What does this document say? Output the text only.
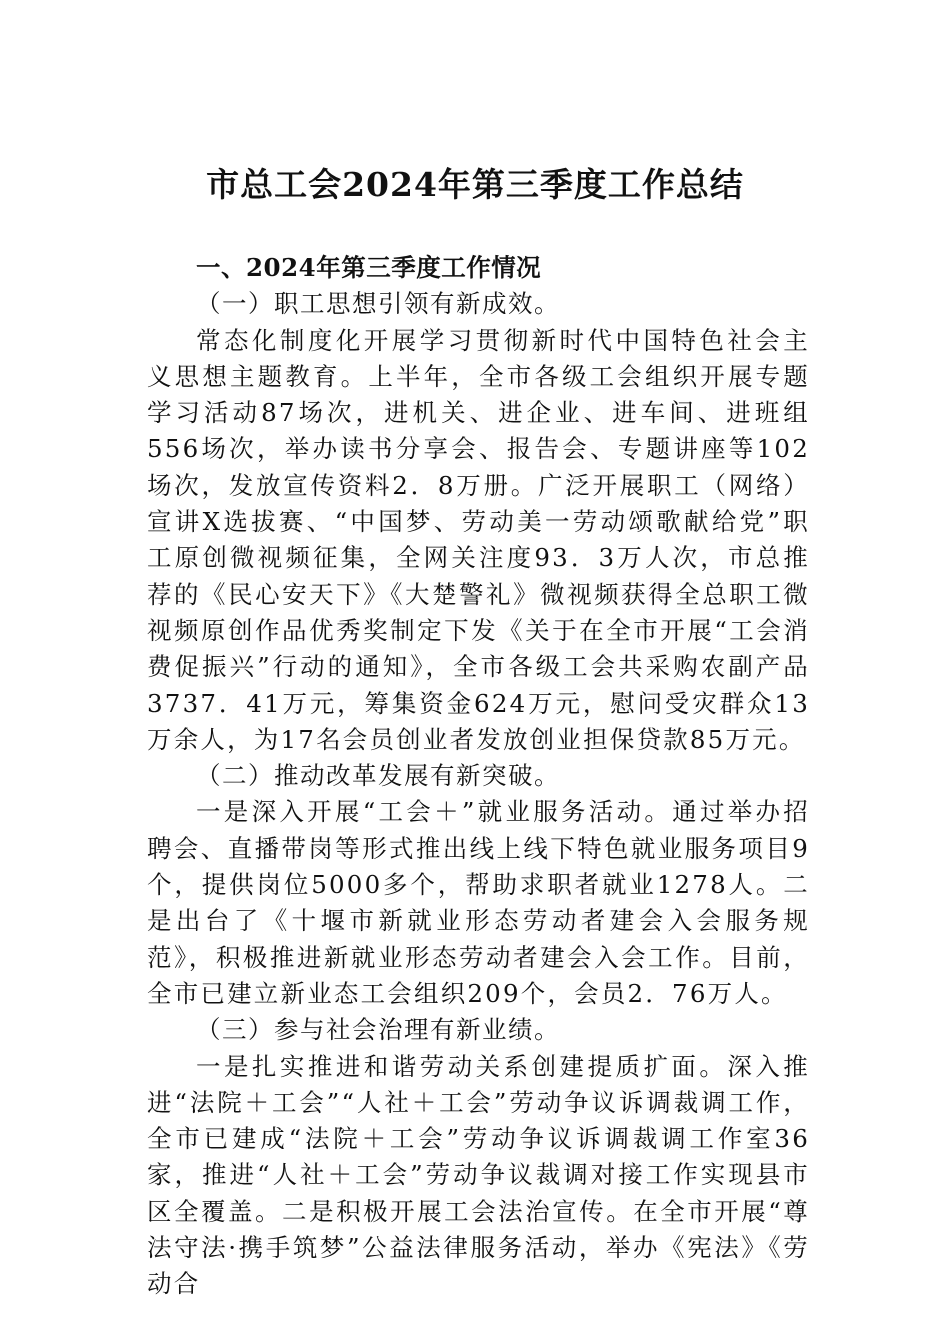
市总工会2024年第三季度工作总结

一、2024年第三季度工作情况

（一）职工思想引领有新成效。

常态化制度化开展学习贯彻新时代中国特色社会主义思想主题教育。上半年，全市各级工会组织开展专题学习活动87场次，进机关、进企业、进车间、进班组556场次，举办读书分享会、报告会、专题讲座等102场次，发放宣传资料2．8万册。广泛开展职工（网络）宣讲X选拔赛、“中国梦、劳动美一劳动颂歌献给党”职工原创微视频征集，全网关注度93．3万人次，市总推荐的《民心安天下》《大楚警礼》微视频获得全总职工微视频原创作品优秀奖制定下发《关于在全市开展“工会消费促振兴”行动的通知》，全市各级工会共采购农副产品3737．41万元，筹集资金624万元，慰问受灾群众13万余人，为17名会员创业者发放创业担保贷款85万元。

（二）推动改革发展有新突破。

一是深入开展“工会＋”就业服务活动。通过举办招聘会、直播带岗等形式推出线上线下特色就业服务项目9个，提供岗位5000多个，帮助求职者就业1278人。二是出台了《十堰市新就业形态劳动者建会入会服务规范》，积极推进新就业形态劳动者建会入会工作。目前，全市已建立新业态工会组织209个，会员2．76万人。

（三）参与社会治理有新业绩。

一是扎实推进和谐劳动关系创建提质扩面。深入推进“法院＋工会”“人社＋工会”劳动争议诉调裁调工作，全市已建成“法院＋工会”劳动争议诉调裁调工作室36家，推进“人社＋工会”劳动争议裁调对接工作实现县市区全覆盖。二是积极开展工会法治宣传。在全市开展“尊法守法·携手筑梦”公益法律服务活动，举办《宪法》《劳动合
